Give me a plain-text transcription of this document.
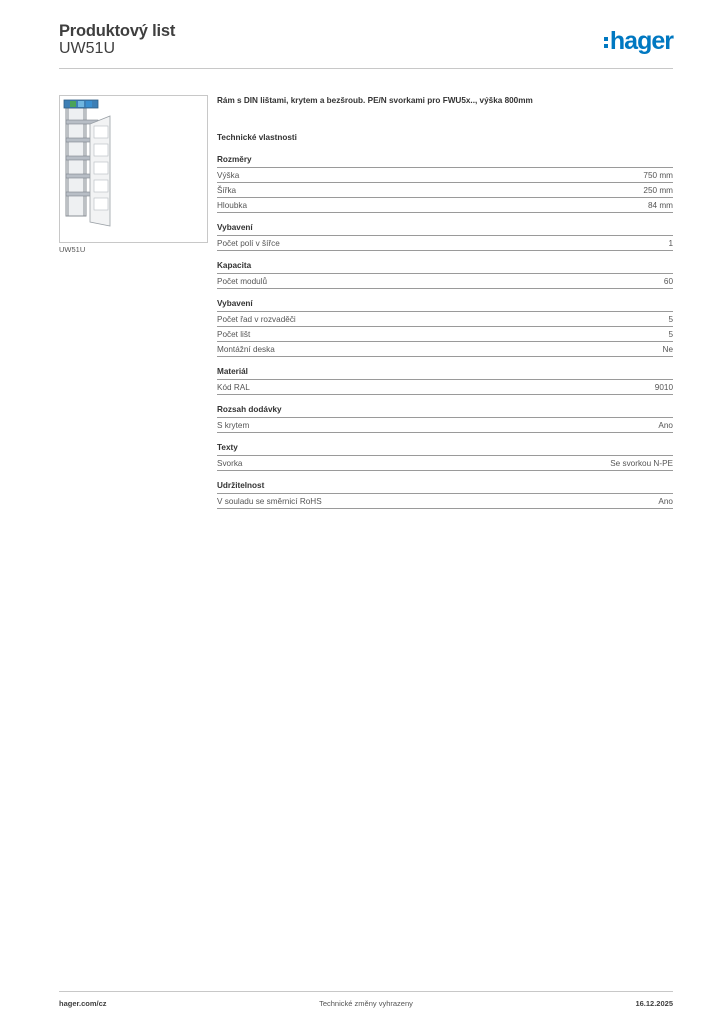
Produktový list
UW51U	hager
UW51U
Rám s DIN lištami, krytem a bezšroub. PE/N svorkami pro FWU5x.., výška 800mm
Technické vlastnosti
Rozměry
Výška	750 mm
Šířka	250 mm
Hloubka	84 mm
Vybavení
Počet polí v šířce	1
Kapacita
Počet modulů	60
Vybavení
Počet řad v rozvaděči	5
Počet lišt	5
Montážní deska	Ne
Materiál
Kód RAL	9010
Rozsah dodávky
S krytem	Ano
Texty
Svorka	Se svorkou N-PE
Udržitelnost
V souladu se směrnicí RoHS	Ano
hager.com/cz	Technické změny vyhrazeny	16.12.2025
